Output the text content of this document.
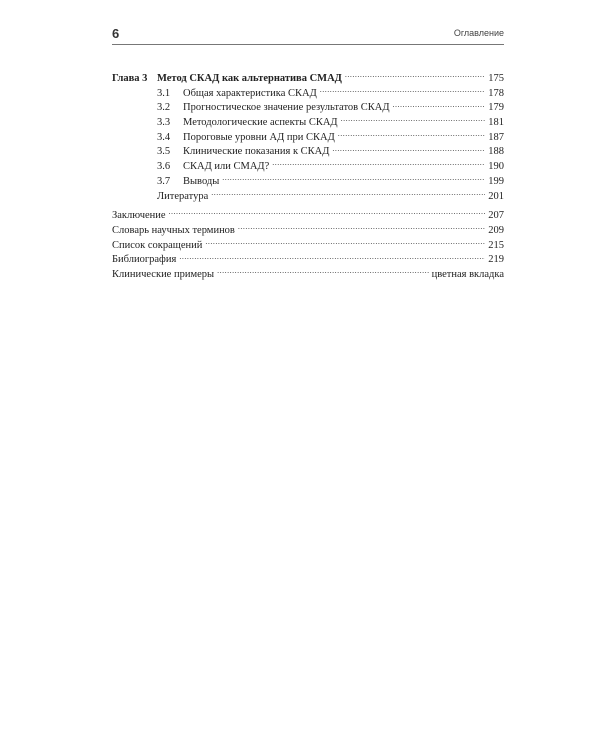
6	Оглавление
Глава 3 Метод СКАД как альтернатива СМАД .....	175
3.1	Общая характеристика СКАД .....	178
3.2	Прогностическое значение результатов СКАД .....	179
3.3	Методологические аспекты СКАД .....	181
3.4	Пороговые уровни АД при СКАД .....	187
3.5	Клинические показания к СКАД .....	188
3.6	СКАД или СМАД? .....	190
3.7	Выводы .....	199
Литература .....	201
Заключение .....	207
Словарь научных терминов .....	209
Список сокращений .....	215
Библиография .....	219
Клинические примеры .....	цветная вкладка
